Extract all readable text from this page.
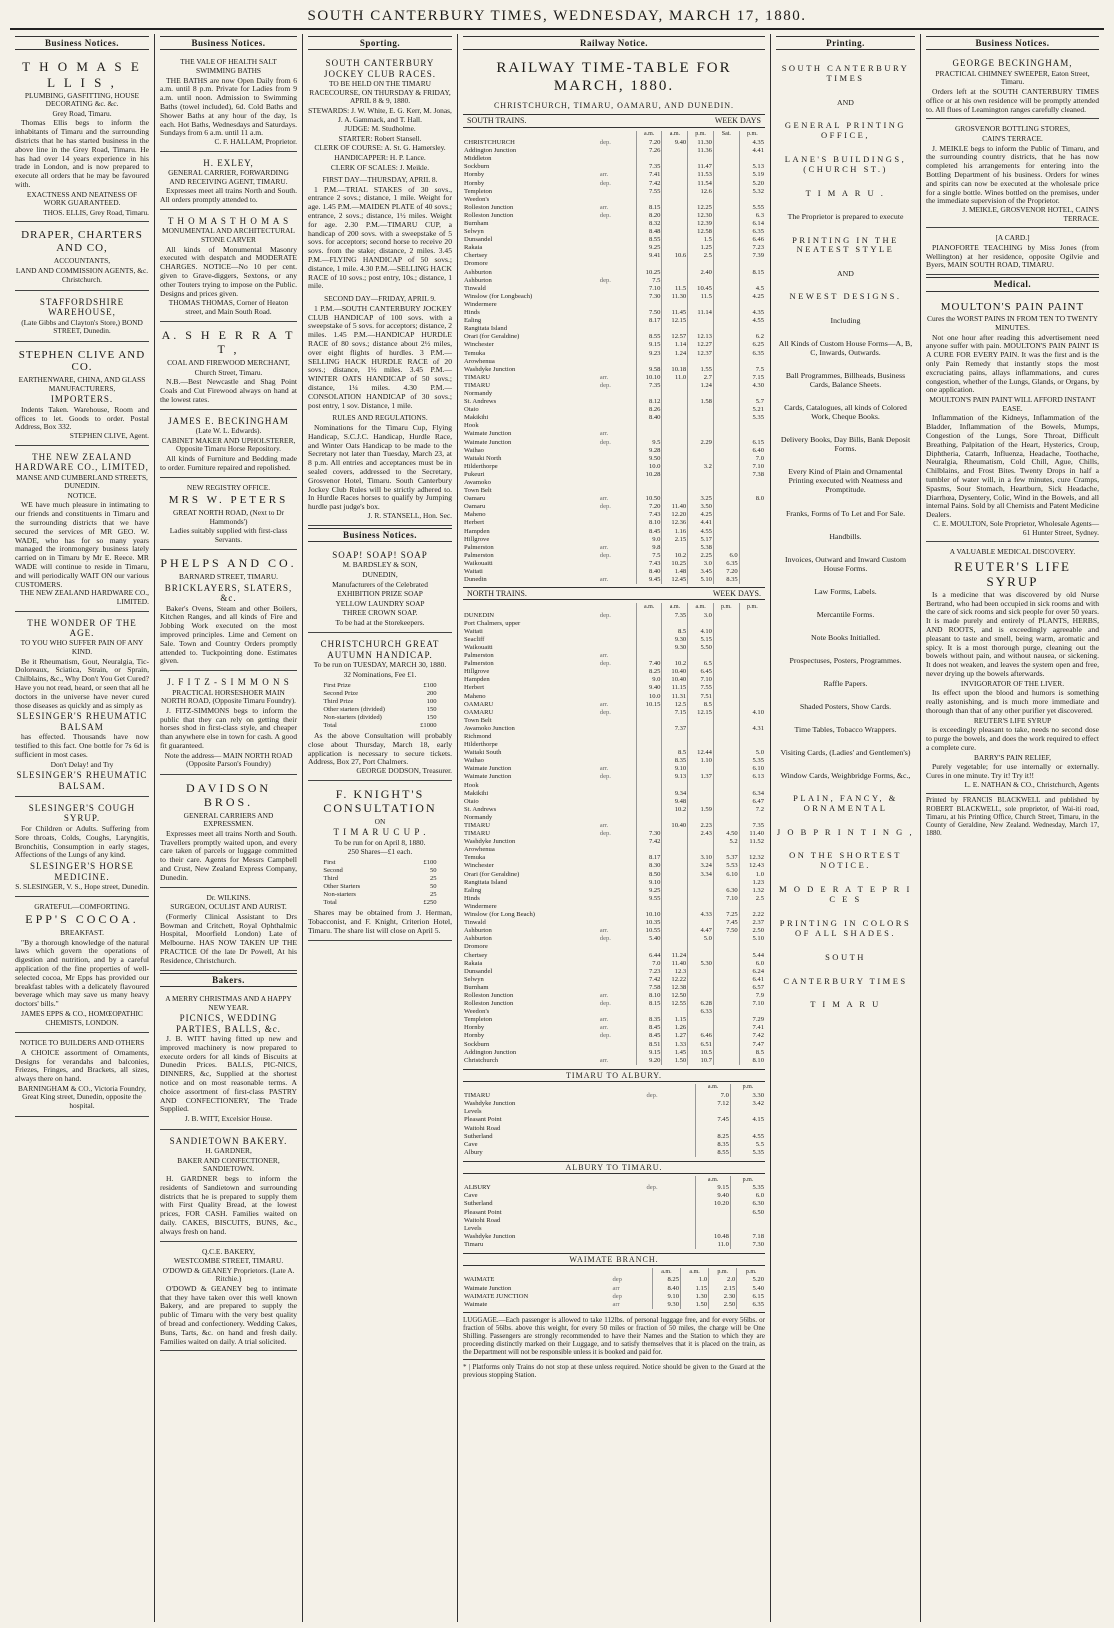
SOUTH CANTERBURY TIMES, WEDNESDAY, MARCH 17, 1880.
Business Notices.
T H O M A S E L L I S ,
PLUMBING, GASFITTING, HOUSE DECORATING &c. &c.
Grey Road, Timaru.
Thomas Ellis begs to inform the inhabitants of Timaru and the surrounding districts that he has started business in the above line in the Grey Road, Timaru. He has had over 14 years experience in his trade in London, and is now prepared to execute all orders that he may be favoured with.
EXACTNESS AND NEATNESS OF WORK GUARANTEED.
THOS. ELLIS, Grey Road, Timaru.
DRAPER, CHARTERS AND CO,
ACCOUNTANTS,
LAND AND COMMISSION AGENTS, &c.
Christchurch.
STAFFORDSHIRE WAREHOUSE,
(Late Gibbs and Clayton's Store,) BOND STREET, Dunedin.
STEPHEN CLIVE AND CO.
EARTHENWARE, CHINA, AND GLASS MANUFACTURERS,
IMPORTERS.
Indents Taken. Warehouse, Room and offices to let. Goods to order. Postal Address, Box 332.
STEPHEN CLIVE, Agent.
THE NEW ZEALAND HARDWARE CO., LIMITED,
MANSE AND CUMBERLAND STREETS, DUNEDIN.
NOTICE.
WE have much pleasure in intimating to our friends and constituents in Timaru and the surrounding districts that we have secured the services of MR GEO. W. WADE, who has for so many years managed the ironmongery business lately carried on in Timaru by Mr E. Reece. MR WADE will continue to reside in Timaru, and will periodically WAIT ON our various CUSTOMERS.
THE NEW ZEALAND HARDWARE CO., LIMITED.
THE WONDER OF THE AGE.
TO YOU WHO SUFFER PAIN OF ANY KIND.
Be it Rheumatism, Gout, Neuralgia, Tic-Doloreaux, Sciatica, Strain, or Sprain, Chilblains, &c., Why Don't You Get Cured? Have you not read, heard, or seen that all he doctors in the universe have never cured those diseases as quickly and as simply as
SLESINGER'S RHEUMATIC BALSAM
has effected. Thousands have now testified to this fact. One bottle for 7s 6d is sufficient in most cases.
Don't Delay! and Try
SLESINGER'S RHEUMATIC BALSAM.
SLESINGER'S COUGH SYRUP.
For Children or Adults. Suffering from Sore throats, Colds, Coughs, Laryngitis, Bronchitis, Consumption in early stages, Affections of the Lungs of any kind.
SLESINGER'S HORSE MEDICINE.
S. SLESINGER, V. S., Hope street, Dunedin.
GRATEFUL—COMFORTING.
EPP'S COCOA.
BREAKFAST.
"By a thorough knowledge of the natural laws which govern the operations of digestion and nutrition, and by a careful application of the fine properties of well-selected cocoa, Mr Epps has provided our breakfast tables with a delicately flavoured beverage which may save us many heavy doctors' bills."
JAMES EPPS & CO., HOMŒOPATHIC CHEMISTS, LONDON.
NOTICE TO BUILDERS AND OTHERS
A CHOICE assortment of Ornaments, Designs for verandahs and balconies, Friezes, Fringes, and Brackets, all sizes, always there on hand.
BARNINGHAM & CO., Victoria Foundry, Great King street, Dunedin, opposite the hospital.
Business Notices.
THE VALE OF HEALTH SALT SWIMMING BATHS
THE BATHS are now Open Daily from 6 a.m. until 8 p.m. Private for Ladies from 9 a.m. until noon. Admission to Swimming Baths (towel included), 6d. Cold Baths and Shower Baths at any hour of the day, 1s each. Hot Baths, Wednesdays and Saturdays. Sundays from 6 a.m. until 11 a.m.
C. F. HALLAM, Proprietor.
H. EXLEY,
GENERAL CARRIER, FORWARDING AND RECEIVING AGENT, TIMARU.
Expresses meet all trains North and South. All orders promptly attended to.
T H O M A S T H O M A S
MONUMENTAL AND ARCHITECTURAL STONE CARVER
All kinds of Monumental Masonry executed with despatch and MODERATE CHARGES. NOTICE—No 10 per cent. given to Grave-diggers, Sextons, or any other Touters trying to impose on the Public. Designs and prices given.
THOMAS THOMAS, Corner of Heaton street, and Main South Road.
A. S H E R R A T T ,
COAL AND FIREWOOD MERCHANT,
Church Street, Timaru.
N.B.—Best Newcastle and Shag Point Coals and Cut Firewood always on hand at the lowest rates.
JAMES E. BECKINGHAM
(Late W. L. Edwards).
CABINET MAKER AND UPHOLSTERER, Opposite Timaru Horse Repository.
All kinds of Furniture and Bedding made to order. Furniture repaired and repolished.
NEW REGISTRY OFFICE.
MRS W. PETERS
GREAT NORTH ROAD, (Next to Dr Hammonds')
Ladies suitably supplied with first-class Servants.
PHELPS AND CO.
BARNARD STREET, TIMARU.
BRICKLAYERS, SLATERS, &c.
Baker's Ovens, Steam and other Boilers, Kitchen Ranges, and all kinds of Fire and Jobbing Work executed on the most improved principles. Lime and Cement on Sale. Town and Country Orders promptly attended to. Tuckpointing done. Estimates given.
J. F I T Z - S I M M O N S
PRACTICAL HORSESHOER MAIN NORTH ROAD, (Opposite Timaru Foundry).
J. FITZ-SIMMONS begs to inform the public that they can rely on getting their horses shod in first-class style, and cheaper than anywhere else in town for cash. A good fit guaranteed.
Note the address— MAIN NORTH ROAD (Opposite Parson's Foundry)
DAVIDSON BROS.
GENERAL CARRIERS AND EXPRESSMEN.
Expresses meet all trains North and South. Travellers promptly waited upon, and every care taken of parcels or luggage committed to their care. Agents for Messrs Campbell and Crust, New Zealand Express Company, Dunedin.
Dr. WILKINS.
SURGEON, OCULIST AND AURIST.
(Formerly Clinical Assistant to Drs Bowman and Critchett, Royal Ophthalmic Hospital, Moorfield London) Late of Melbourne. HAS NOW TAKEN UP THE PRACTICE Of the late Dr Powell, At his Residence, Christchurch.
Bakers.
A MERRY CHRISTMAS AND A HAPPY NEW YEAR.
PICNICS, WEDDING PARTIES, BALLS, &c.
J. B. WITT having fitted up new and improved machinery is now prepared to execute orders for all kinds of Biscuits at Dunedin Prices. BALLS, PIC-NICS, DINNERS, &c, Supplied at the shortest notice and on most reasonable terms. A choice assortment of first-class PASTRY AND CONFECTIONERY, The Trade Supplied.
J. B. WITT, Excelsior House.
SANDIETOWN BAKERY.
H. GARDNER,
BAKER AND CONFECTIONER, SANDIETOWN.
H. GARDNER begs to inform the residents of Sandietown and surrounding districts that he is prepared to supply them with First Quality Bread, at the lowest prices, FOR CASH. Families waited on daily. CAKES, BISCUITS, BUNS, &c., always fresh on hand.
Q.C.E. BAKERY,
WESTCOMBE STREET, TIMARU.
O'DOWD & GEANEY Proprietors. (Late A. Ritchie.)
O'DOWD & GEANEY beg to intimate that they have taken over this well known Bakery, and are prepared to supply the public of Timaru with the very best quality of bread and confectionery. Wedding Cakes, Buns, Tarts, &c. on hand and fresh daily. Families waited on daily. A trial solicited.
Sporting.
SOUTH CANTERBURY JOCKEY CLUB RACES.
TO BE HELD ON THE TIMARU RACECOURSE, ON THURSDAY & FRIDAY, APRIL 8 & 9, 1880.
STEWARDS: J. W. White, E. G. Kerr, M. Jonas, J. A. Gammack, and T. Hall.
JUDGE: M. Studholme.
STARTER: Robert Stansell.
CLERK OF COURSE: A. St. G. Hamersley.
HANDICAPPER: H. P. Lance.
CLERK OF SCALES: J. Meikle.
FIRST DAY—THURSDAY, APRIL 8.
1 P.M.—TRIAL STAKES of 30 sovs., entrance 2 sovs.; distance, 1 mile. Weight for age. 1.45 P.M.—MAIDEN PLATE of 40 sovs.; entrance, 2 sovs.; distance, 1½ miles. Weight for age. 2.30 P.M.—TIMARU CUP, a handicap of 200 sovs. with a sweepstake of 5 sovs. for acceptors; second horse to receive 20 sovs. from the stake; distance, 2 miles. 3.45 P.M.—FLYING HANDICAP of 50 sovs.; distance, 1 mile. 4.30 P.M.—SELLING HACK RACE of 10 sovs.; post entry, 10s.; distance, 1 mile.
SECOND DAY—FRIDAY, APRIL 9.
1 P.M.—SOUTH CANTERBURY JOCKEY CLUB HANDICAP of 100 sovs. with a sweepstake of 5 sovs. for acceptors; distance, 2 miles. 1.45 P.M.—HANDICAP HURDLE RACE of 80 sovs.; distance about 2½ miles, over eight flights of hurdles. 3 P.M.—SELLING HACK HURDLE RACE of 20 sovs.; distance, 1½ miles. 3.45 P.M.—WINTER OATS HANDICAP of 50 sovs.; distance, 1¼ miles. 4.30 P.M.—CONSOLATION HANDICAP of 30 sovs.; post entry, 1 sov. Distance, 1 mile.
RULES AND REGULATIONS.
Nominations for the Timaru Cup, Flying Handicap, S.C.J.C. Handicap, Hurdle Race, and Winter Oats Handicap to be made to the Secretary not later than Tuesday, March 23, at 8 p.m. All entries and acceptances must be in sealed covers, addressed to the Secretary, Grosvenor Hotel, Timaru. South Canterbury Jockey Club Rules will be strictly adhered to. In Hurdle Races horses to qualify by Jumping hurdle past judge's box.
J. R. STANSELL, Hon. Sec.
Business Notices.
SOAP! SOAP! SOAP
M. BARDSLEY & SON,
DUNEDIN,
Manufacturers of the Celebrated
EXHIBITION PRIZE SOAP
YELLOW LAUNDRY SOAP
THREE CROWN SOAP.
To be had at the Storekeepers.
CHRISTCHURCH GREAT AUTUMN HANDICAP.
To be run on TUESDAY, MARCH 30, 1880.
32 Nominations, Fee £1.
First Prize	£100
Second Prize	200
Third Prize	100
Other starters (divided)	150
Non-starters (divided)	150
Total	£1000
As the above Consultation will probably close about Thursday, March 18, early application is necessary to secure tickets. Address, Box 27, Port Chalmers.
GEORGE DODSON, Treasurer.
F. KNIGHT'S CONSULTATION
ON
T I M A R U C U P .
To be run for on April 8, 1880.
250 Shares—£1 each.
First	£100
Second	50
Third	25
Other Starters	50
Non-starters	25
Total	£250
Shares may be obtained from J. Herman, Tobacconist, and F. Knight, Criterion Hotel, Timaru. The share list will close on April 5.
Railway Notice.
RAILWAY TIME-TABLE FOR MARCH, 1880.
CHRISTCHURCH, TIMARU, OAMARU, AND DUNEDIN.
SOUTH TRAINS.	WEEK DAYS
		a.m.	a.m.	p.m.	Sat.	p.m.
CHRISTCHURCH	dep.	7.20	9.40	11.30		4.35
Addington Junction		7.26		11.36		4.41
Middleton						
Sockburn		7.35		11.47		5.13
Hornby	arr.	7.41		11.53		5.19
Hornby	dep.	7.42		11.54		5.20
Templeton		7.55		12.6		5.32
Weedon's						
Rolleston Junction	arr.	8.15		12.25		5.55
Rolleston Junction	dep.	8.20		12.30		6.3
Burnham		8.32		12.39		6.14
Selwyn		8.48		12.58		6.35
Dunsandel		8.55		1.5		6.46
Rakaia		9.25		1.25		7.23
Chertsey		9.41	10.6	2.5		7.39
Dromore						
Ashburton		10.25		2.40		8.15
Ashburton	dep.	7.5				
Tinwald		7.10	11.5	10.45		4.5
Winslow (for Longbeach)		7.30	11.30	11.5		4.25
Windermere						
Hinds		7.50	11.45	11.14		4.35
Ealing		8.17	12.15			4.55
Rangitata Island						
Orari (for Geraldine)		8.55	12.57	12.13		6.2
Winchester		9.15	1.14	12.27		6.25
Temuka		9.23	1.24	12.37		6.35
Arowhenua						
Washdyke Junction		9.58	10.18	1.55		7.5
TIMARU	arr.	10.10	11.0	2.7		7.15
TIMARU	dep.	7.35		1.24		4.30
Normandy						
St. Andrews		8.12		1.58		5.7
Otaio		8.26				5.21
Makikihi		8.40				5.35
Hook						
Waimate Junction	arr.					
Waimate Junction	dep.	9.5		2.29		6.15
Waihao		9.28				6.40
Waitaki North		9.50				7.0
Hilderthorpe		10.0		3.2		7.10
Pukeuri		10.28				7.38
Awamoko						
Town Belt						
Oamaru	arr.	10.50		3.25		8.0
Oamaru	dep.	7.20	11.40	3.50		
Maheno		7.43	12.20	4.25		
Herbert		8.10	12.36	4.41		
Hampden		8.45	1.16	4.55		
Hillgrove		9.0	2.15	5.17		
Palmerston	arr.	9.8		5.38		
Palmerston	dep.	7.5	10.2	2.25	6.0	
Waikouaiti		7.43	10.25	3.0	6.35	
Waitati		8.40	1.48	3.45	7.20	
Dunedin	arr.	9.45	12.45	5.10	8.35	
NORTH TRAINS.	WEEK DAYS.
		a.m.	a.m.	a.m.	p.m.	p.m.
DUNEDIN	dep.		7.35	3.0		
Port Chalmers, upper						
Waitati			8.5	4.10		
Seacliff			9.30	5.15		
Waikouaiti			9.30	5.50		
Palmerston	arr.					
Palmerston	dep.	7.40	10.2	6.5		
Hillgrove		8.25	10.40	6.45		
Hampden		9.0	10.40	7.10		
Herbert		9.40	11.15	7.55		
Maheno		10.0	11.31	7.51		
OAMARU	arr.	10.15	12.5	8.5		
OAMARU	dep.		7.15	12.15		4.10
Town Belt						
Awamoko Junction			7.37			4.31
Richmond						
Hilderthorpe						
Waitaki South			8.5	12.44		5.0
Waihao			8.35	1.10		5.35
Waimate Junction	arr.		9.10			6.10
Waimate Junction	dep.		9.13	1.37		6.13
Hook						
Makikihi			9.34			6.34
Otaio			9.48			6.47
St. Andrews			10.2	1.59		7.2
Normandy						
TIMARU	arr.		10.40	2.23		7.35
TIMARU	dep.	7.30		2.43	4.50	11.40
Washdyke Junction		7.42			5.2	11.52
Arowhenua						
Temuka		8.17		3.10	5.37	12.32
Winchester		8.30		3.24	5.53	12.43
Orari (for Geraldine)		8.50		3.34	6.10	1.0
Rangitata Island		9.10				1.23
Ealing		9.25			6.30	1.32
Hinds		9.55			7.10	2.5
Windermere						
Winslow (for Long Beach)		10.10		4.33	7.25	2.22
Tinwald		10.35			7.45	2.37
Ashburton	arr.	10.55		4.47	7.50	2.50
Ashburton	dep.	5.40		5.0		5.10
Dromore						
Chertsey		6.44	11.24			5.44
Rakaia		7.0	11.40	5.30		6.0
Dunsandel		7.23	12.3			6.24
Selwyn		7.42	12.22			6.41
Burnham		7.58	12.38			6.57
Rolleston Junction	arr.	8.10	12.50			7.9
Rolleston Junction	dep.	8.15	12.55	6.28		7.10
Weedon's				6.33		
Templeton	arr.	8.35	1.15			7.29
Hornby	arr.	8.45	1.26			7.41
Hornby	dep.	8.45	1.27	6.46		7.42
Sockburn		8.51	1.33	6.51		7.47
Addington Junction		9.15	1.45	10.5		8.5
Christchurch	arr.	9.20	1.50	10.7		8.10
TIMARU TO ALBURY.
		a.m.	p.m.
TIMARU	dep.	7.0	3.30
Washdyke Junction		7.12	3.42
Levels			
Pleasant Point		7.45	4.15
Waitohi Road			
Sutherland		8.25	4.55
Cave		8.35	5.5
Albury		8.55	5.35
ALBURY TO TIMARU.
		a.m.	p.m.
ALBURY	dep.	9.15	5.35
Cave		9.40	6.0
Sutherland		10.20	6.30
Pleasant Point			6.50
Waitohi Road			
Levels			
Washdyke Junction		10.48	7.18
Timaru		11.0	7.30
WAIMATE BRANCH.
		a.m.	a.m.	p.m.	p.m.
WAIMATE	dep	8.25	1.0	2.0	5.20
Waimate Junction	arr	8.40	1.15	2.15	5.40
WAIMATE JUNCTION	dep	9.10	1.30	2.30	6.15
Waimate	arr	9.30	1.50	2.50	6.35
LUGGAGE.—Each passenger is allowed to take 112lbs. of personal luggage free, and for every 56lbs. or fraction of 56lbs. above this weight, for every 50 miles or fraction of 50 miles, the charge will be One Shilling. Passengers are strongly recommended to have their Names and the Station to which they are proceeding distinctly marked on their Luggage, and to satisfy themselves that it is placed on the train, as the Department will not be responsible unless it is booked and paid for.
* | Platforms only Trains do not stop at these unless required. Notice should be given to the Guard at the previous stopping Station.
Printing.

SOUTH CANTERBURY TIMES

AND

GENERAL PRINTING OFFICE,

LANE'S BUILDINGS, (CHURCH ST.)

T I M A R U .

The Proprietor is prepared to execute

PRINTING IN THE NEATEST STYLE

AND

NEWEST DESIGNS.

Including

All Kinds of Custom House Forms—A, B, C, Inwards, Outwards.

Ball Programmes, Billheads, Business Cards, Balance Sheets.

Cards, Catalogues, all kinds of Colored Work, Cheque Books.

Delivery Books, Day Bills, Bank Deposit Forms.

Every Kind of Plain and Ornamental Printing executed with Neatness and Promptitude.

Franks, Forms of To Let and For Sale.

Handbills.

Invoices, Outward and Inward Custom House Forms.

Law Forms, Labels.

Mercantile Forms.

Note Books Initialled.

Prospectuses, Posters, Programmes.

Raffle Papers.

Shaded Posters, Show Cards.

Time Tables, Tobacco Wrappers.

Visiting Cards, (Ladies' and Gentlemen's)

Window Cards, Weighbridge Forms, &c.,

PLAIN, FANCY, & ORNAMENTAL

J O B P R I N T I N G ,

ON THE SHORTEST NOTICE.

M O D E R A T E P R I C E S

PRINTING IN COLORS OF ALL SHADES.

SOUTH

CANTERBURY TIMES

T I M A R U

Business Notices.
GEORGE BECKINGHAM,
PRACTICAL CHIMNEY SWEEPER, Eaton Street, Timaru.
Orders left at the SOUTH CANTERBURY TIMES office or at his own residence will be promptly attended to. All flues of Leamington ranges carefully cleaned.
GROSVENOR BOTTLING STORES,
CAIN'S TERRACE.
J. MEIKLE begs to inform the Public of Timaru, and the surrounding country districts, that he has now completed his arrangements for entering into the Bottling Department of his business. Orders for wines and spirits can now be executed at the wholesale price for a single bottle. Wines bottled on the premises, under the immediate supervision of the Proprietor.
J. MEIKLE, GROSVENOR HOTEL, CAIN'S TERRACE.
[A CARD.]
PIANOFORTE TEACHING by Miss Jones (from Wellington) at her residence, opposite Ogilvie and Byers, MAIN SOUTH ROAD, TIMARU.
Medical.
MOULTON'S PAIN PAINT
Cures the WORST PAINS IN FROM TEN TO TWENTY MINUTES.
Not one hour after reading this advertisement need anyone suffer with pain. MOULTON'S PAIN PAINT IS A CURE FOR EVERY PAIN. It was the first and is the only Pain Remedy that instantly stops the most excruciating pains, allays inflammations, and cures congestion, whether of the Lungs, Glands, or Organs, by one application.
MOULTON'S PAIN PAINT WILL AFFORD INSTANT EASE.
Inflammation of the Kidneys, Inflammation of the Bladder, Inflammation of the Bowels, Mumps, Congestion of the Lungs, Sore Throat, Difficult Breathing, Palpitation of the Heart, Hysterics, Croup, Diphtheria, Catarrh, Influenza, Headache, Toothache, Neuralgia, Rheumatism, Cold Chill, Ague, Chills, Chilblains, and Frost Bites. Twenty Drops in half a tumbler of water will, in a few minutes, cure Cramps, Spasms, Sour Stomach, Heartburn, Sick Headache, Diarrhœa, Dysentery, Colic, Wind in the Bowels, and all internal Pains. Sold by all Chemists and Patent Medicine Dealers.
C. E. MOULTON, Sole Proprietor, Wholesale Agents—61 Hunter Street, Sydney.
A VALUABLE MEDICAL DISCOVERY.
REUTER'S LIFE SYRUP
Is a medicine that was discovered by old Nurse Bertrand, who had been occupied in sick rooms and with the care of sick rooms and sick people for over 50 years. It is made purely and entirely of PLANTS, HERBS, AND ROOTS, and is exceedingly agreeable and pleasant to taste and smell, being warm, aromatic and spicy. It is a most thorough purge, cleaning out the bowels without pain, and without nausea, or sickening. It does not weaken, and leaves the system open and free, never drying up the bowels afterwards.
INVIGORATOR OF THE LIVER.
Its effect upon the blood and humors is something really astonishing, and is much more immediate and thorough than that of any other purifier yet discovered.
REUTER'S LIFE SYRUP
is exceedingly pleasant to take, needs no second dose to purge the bowels, and does the work required to effect a complete cure.
BARRY'S PAIN RELIEF,
Purely vegetable; for use internally or externally. Cures in one minute. Try it! Try it!!
L. E. NATHAN & CO., Christchurch, Agents
Printed by FRANCIS BLACKWELL and published by ROBERT BLACKWELL, sole proprietor, of Wai-iti road, Timaru, at his Printing Office, Church Street, Timaru, in the County of Geraldine, New Zealand. Wednesday, March 17, 1880.
